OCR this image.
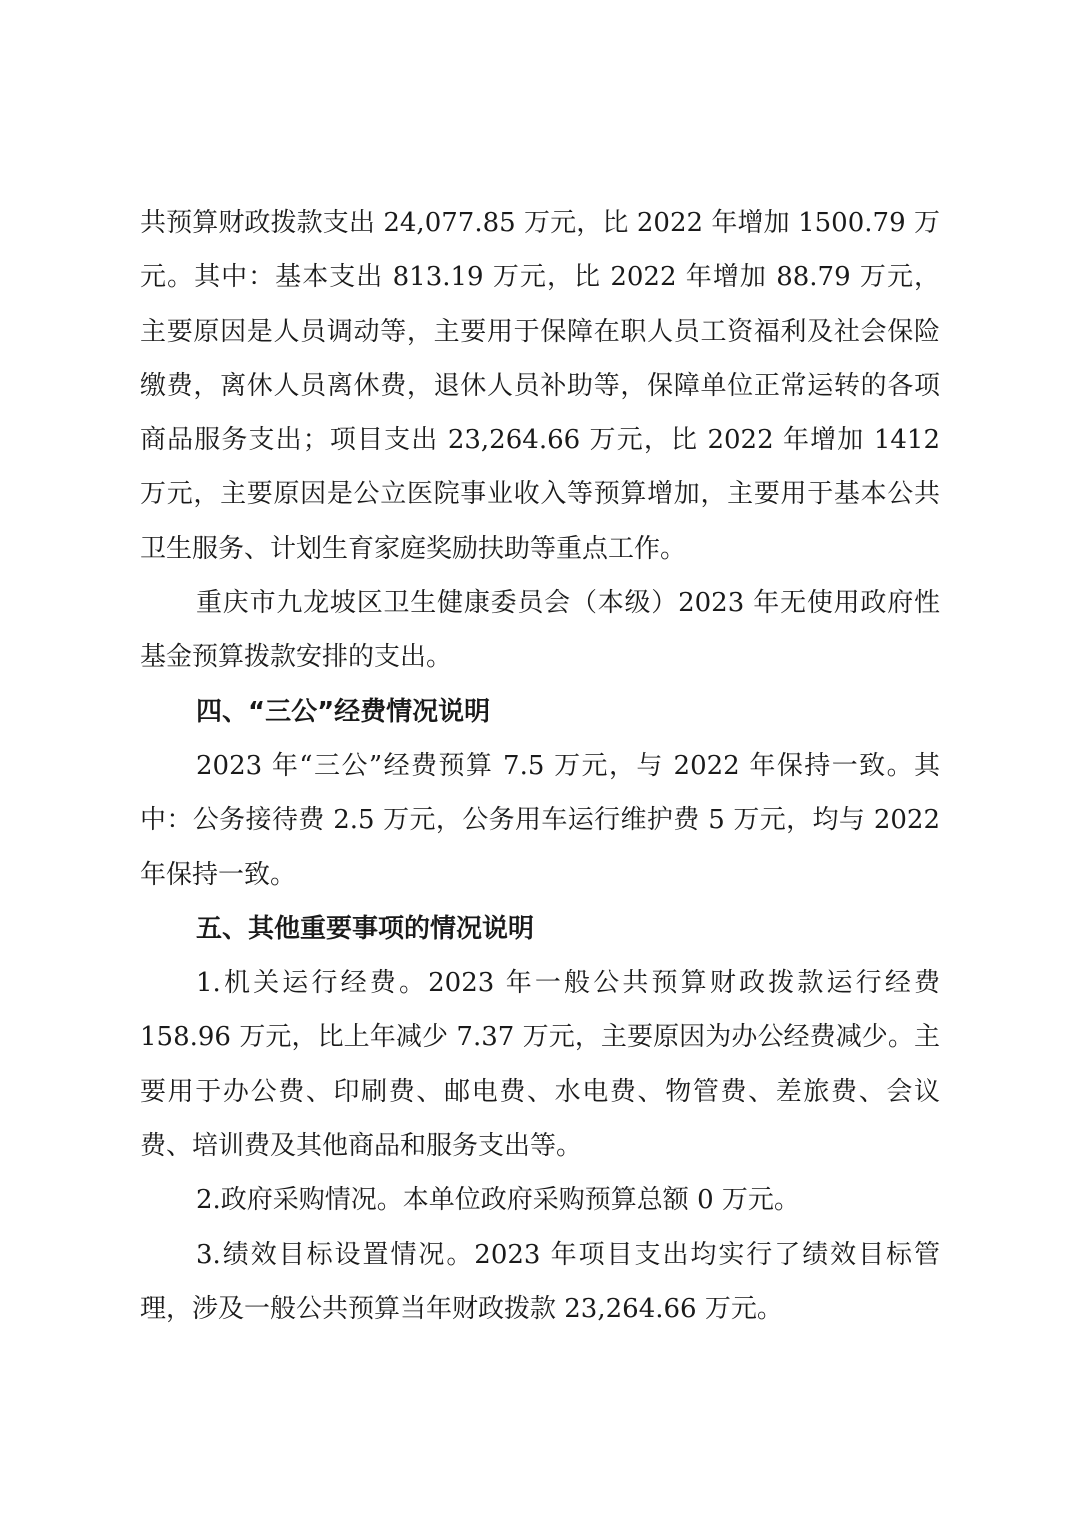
共预算财政拨款支出 24,077.85 万元，比 2022 年增加 1500.79 万元。其中：基本支出 813.19 万元，比 2022 年增加 88.79 万元，主要原因是人员调动等，主要用于保障在职人员工资福利及社会保险缴费，离休人员离休费，退休人员补助等，保障单位正常运转的各项商品服务支出；项目支出 23,264.66 万元，比 2022 年增加 1412 万元，主要原因是公立医院事业收入等预算增加，主要用于基本公共卫生服务、计划生育家庭奖励扶助等重点工作。

重庆市九龙坡区卫生健康委员会（本级）2023 年无使用政府性基金预算拨款安排的支出。

四、“三公”经费情况说明

2023 年“三公”经费预算 7.5 万元，与 2022 年保持一致。其中：公务接待费 2.5 万元，公务用车运行维护费 5 万元，均与 2022 年保持一致。

五、其他重要事项的情况说明

1.机关运行经费。2023 年一般公共预算财政拨款运行经费 158.96 万元，比上年减少 7.37 万元，主要原因为办公经费减少。主要用于办公费、印刷费、邮电费、水电费、物管费、差旅费、会议费、培训费及其他商品和服务支出等。

2.政府采购情况。本单位政府采购预算总额 0 万元。

3.绩效目标设置情况。2023 年项目支出均实行了绩效目标管理，涉及一般公共预算当年财政拨款 23,264.66 万元。
